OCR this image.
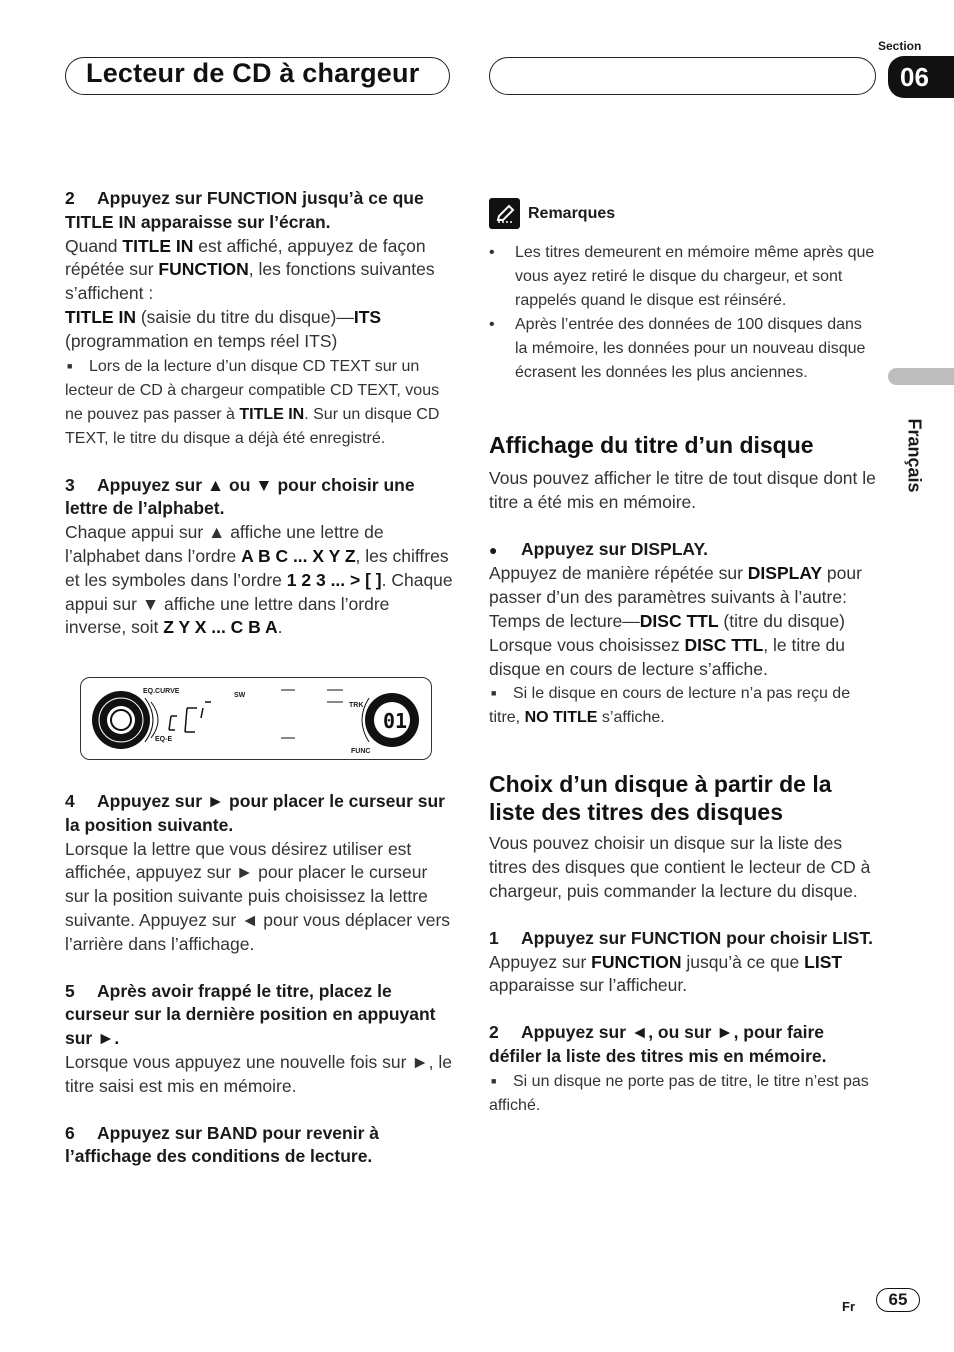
Lecteur de CD à chargeur
Section
06
Français

2 Appuyez sur FUNCTION jusqu’à ce que TITLE IN apparaisse sur l’écran.

Quand TITLE IN est affiché, appuyez de façon répétée sur FUNCTION, les fonctions suivantes s’affichent :

TITLE IN (saisie du titre du disque)—ITS (programmation en temps réel ITS)

■ Lors de la lecture d’un disque CD TEXT sur un lecteur de CD à chargeur compatible CD TEXT, vous ne pouvez pas passer à TITLE IN. Sur un disque CD TEXT, le titre du disque a déjà été enregistré.

3 Appuyez sur ▲ ou ▼ pour choisir une lettre de l’alphabet.

Chaque appui sur ▲ affiche une lettre de l’alphabet dans l’ordre A B C ... X Y Z, les chiffres et les symboles dans l’ordre 1 2 3 ... > [ ]. Chaque appui sur ▼ affiche une lettre dans l’ordre inverse, soit Z Y X ... C B A.

01
EQ.CURVE
SW
EQ-E
TRK
FUNC

4 Appuyez sur ► pour placer le curseur sur la position suivante.

Lorsque la lettre que vous désirez utiliser est affichée, appuyez sur ► pour placer le curseur sur la position suivante puis choisissez la lettre suivante. Appuyez sur ◄ pour vous déplacer vers l’arrière dans l’affichage.

5 Après avoir frappé le titre, placez le curseur sur la dernière position en appuyant sur ►.

Lorsque vous appuyez une nouvelle fois sur ►, le titre saisi est mis en mémoire.

6 Appuyez sur BAND pour revenir à l’affichage des conditions de lecture.

Remarques
• Les titres demeurent en mémoire même après que vous ayez retiré le disque du chargeur, et sont rappelés quand le disque est réinséré.
• Après l’entrée des données de 100 disques dans la mémoire, les données pour un nouveau disque écrasent les données les plus anciennes.
Affichage du titre d’un disque

Vous pouvez afficher le titre de tout disque dont le titre a été mis en mémoire.

● Appuyez sur DISPLAY.

Appuyez de manière répétée sur DISPLAY pour passer d’un des paramètres suivants à l’autre:

Temps de lecture—DISC TTL (titre du disque)

Lorsque vous choisissez DISC TTL, le titre du disque en cours de lecture s’affiche.

■ Si le disque en cours de lecture n’a pas reçu de titre, NO TITLE s’affiche.

Choix d’un disque à partir de la liste des titres des disques

Vous pouvez choisir un disque sur la liste des titres des disques que contient le lecteur de CD à chargeur, puis commander la lecture du disque.

1 Appuyez sur FUNCTION pour choisir LIST.

Appuyez sur FUNCTION jusqu’à ce que LIST apparaisse sur l’afficheur.

2 Appuyez sur ◄, ou sur ►, pour faire défiler la liste des titres mis en mémoire.

■ Si un disque ne porte pas de titre, le titre n’est pas affiché.

Fr	65
